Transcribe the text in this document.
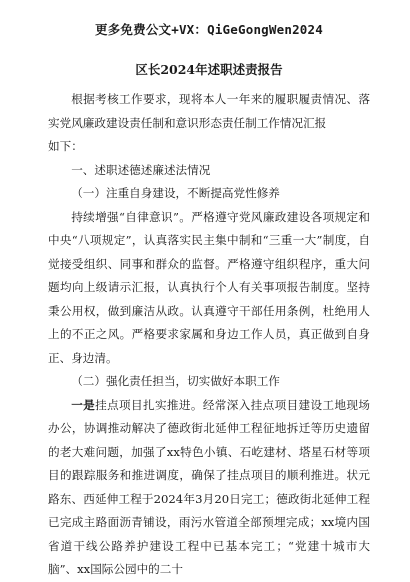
更多免费公文+VX：QiGeGongWen2024
区长2024年述职述责报告

根据考核工作要求，现将本人一年来的履职履责情况、落实党风廉政建设责任制和意识形态责任制工作情况汇报

如下：

一、述职述德述廉述法情况

（一）注重自身建设，不断提高党性修养

持续增强“自律意识”。严格遵守党风廉政建设各项规定和中央“八项规定”，认真落实民主集中制和“三重一大”制度，自觉接受组织、同事和群众的监督。严格遵守组织程序，重大问题均向上级请示汇报，认真执行个人有关事项报告制度。坚持秉公用权，做到廉洁从政。认真遵守干部任用条例，杜绝用人上的不正之风。严格要求家属和身边工作人员，真正做到自身正、身边清。

（二）强化责任担当，切实做好本职工作

一是挂点项目扎实推进。经常深入挂点项目建设工地现场办公，协调推动解决了德政街北延伸工程征地拆迁等历史遗留的老大难问题，加强了xx特色小镇、石屹建材、塔星石材等项目的跟踪服务和推进调度，确保了挂点项目的顺利推进。状元路东、西延伸工程于2024年3月20日完工；德政街北延伸工程已完成主路面沥青铺设，雨污水管道全部预埋完成；xx境内国省道干线公路养护建设工程中已基本完工；“党建十城市大脑”、xx国际公园中的二十
